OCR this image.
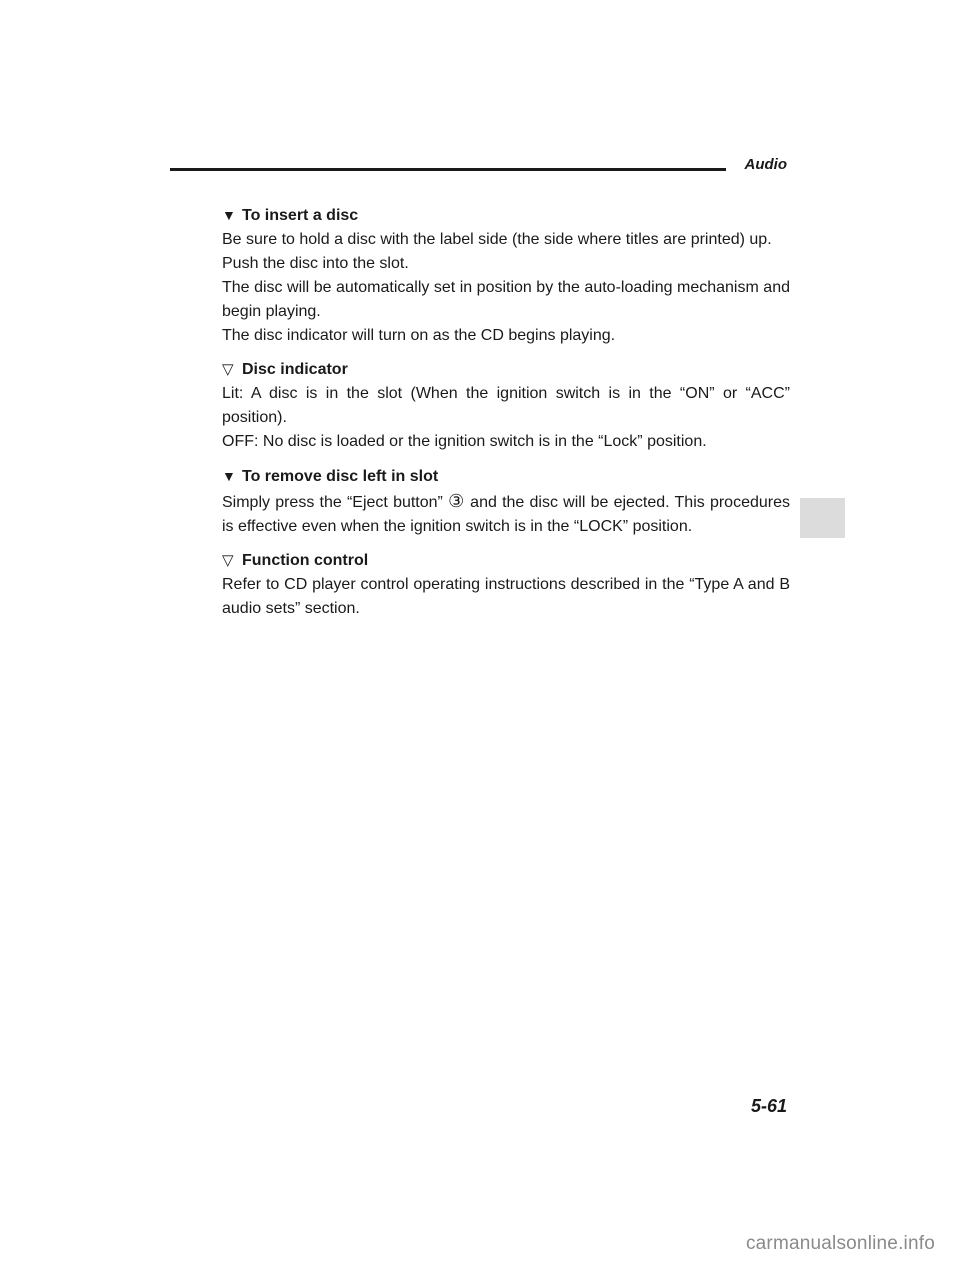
Audio
▼ To insert a disc

Be sure to hold a disc with the label side (the side where titles are printed) up.

Push the disc into the slot.

The disc will be automatically set in position by the auto-loading mechanism and begin playing.

The disc indicator will turn on as the CD begins playing.

▽ Disc indicator

Lit: A disc is in the slot (When the ignition switch is in the “ON” or “ACC” position).

OFF: No disc is loaded or the ignition switch is in the “Lock” position.

▼ To remove disc left in slot

Simply press the “Eject button” ③ and the disc will be ejected. This procedures is effective even when the ignition switch is in the “LOCK” position.

▽ Function control

Refer to CD player control operating instructions described in the “Type A and B audio sets” section.

5-61
carmanualsonline.info
